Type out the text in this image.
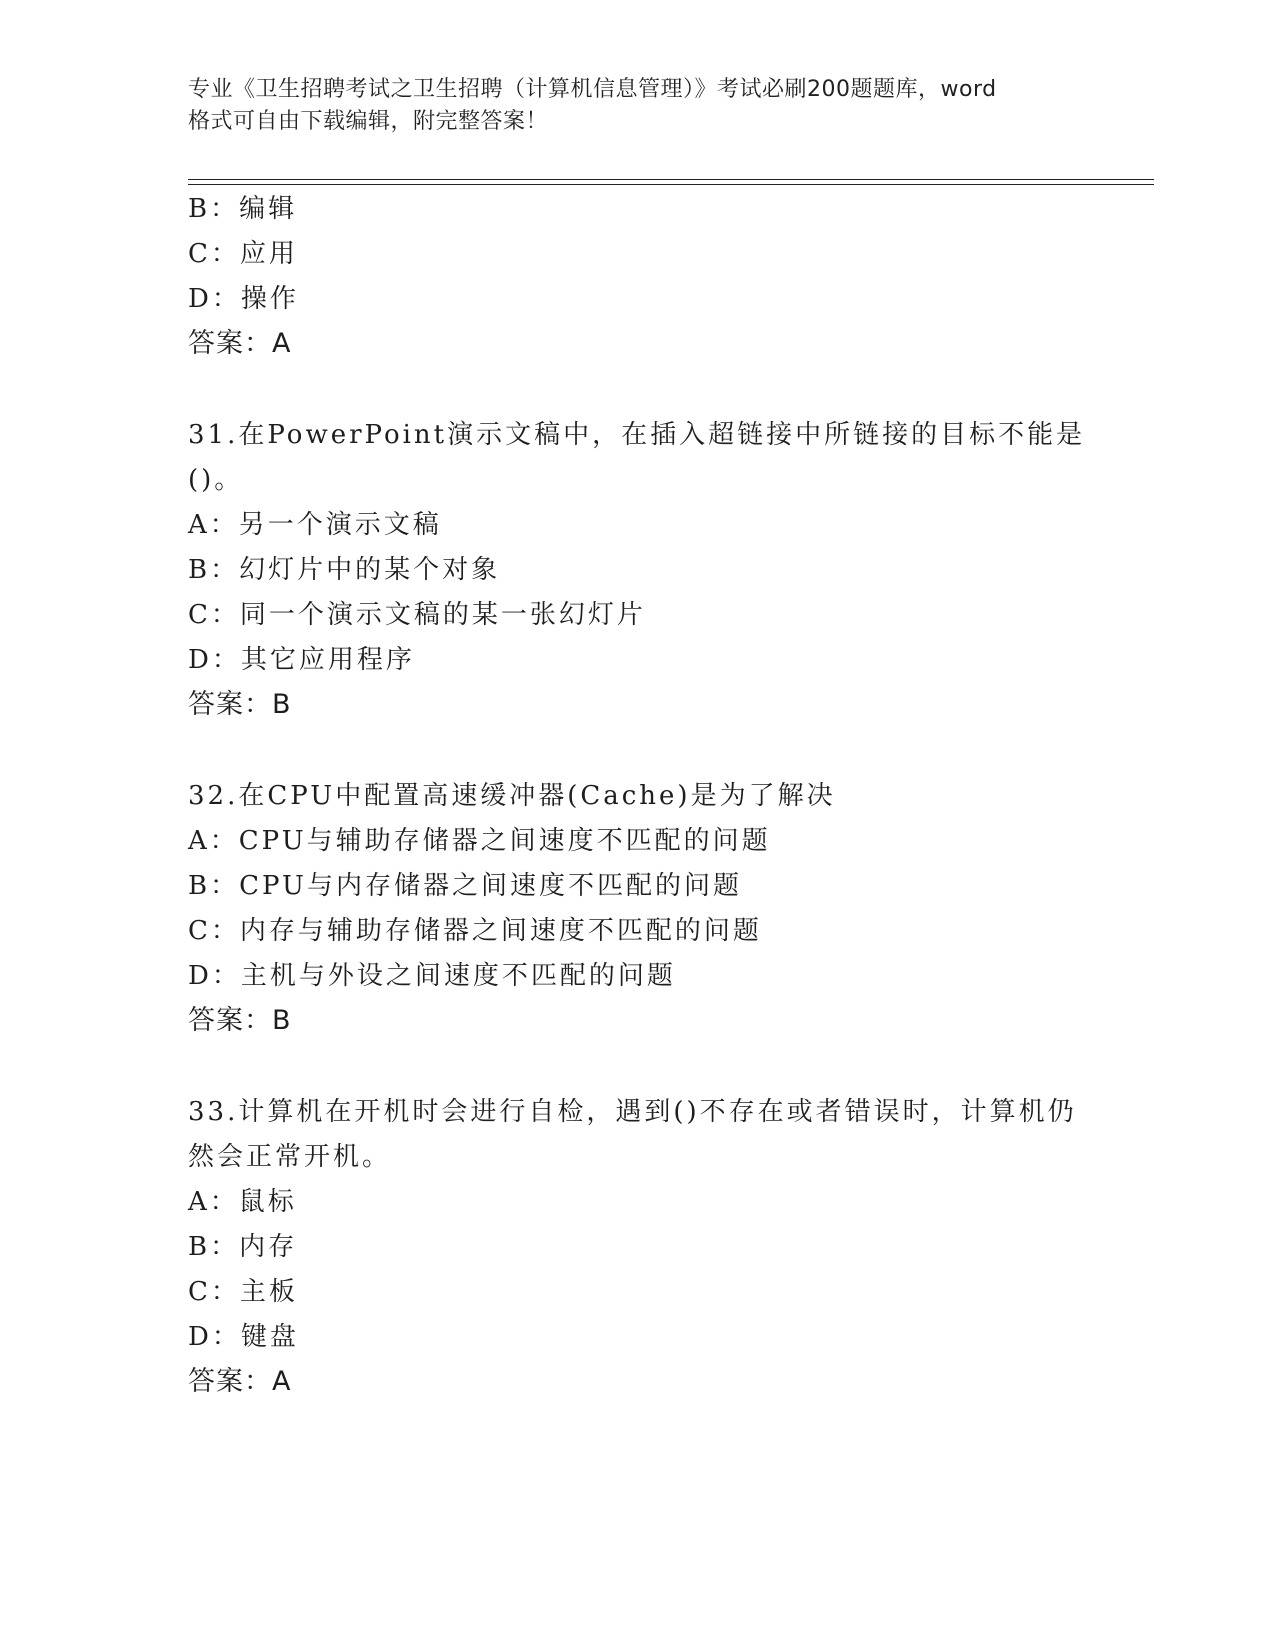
专业《卫生招聘考试之卫生招聘（计算机信息管理）》考试必刷200题题库，word
格式可自由下载编辑，附完整答案！
B：编辑
C：应用
D：操作
答案：A
31.在PowerPoint演示文稿中，在插入超链接中所链接的目标不能是
()。
A：另一个演示文稿
B：幻灯片中的某个对象
C：同一个演示文稿的某一张幻灯片
D：其它应用程序
答案：B
32.在CPU中配置高速缓冲器(Cache)是为了解决
A：CPU与辅助存储器之间速度不匹配的问题
B：CPU与内存储器之间速度不匹配的问题
C：内存与辅助存储器之间速度不匹配的问题
D：主机与外设之间速度不匹配的问题
答案：B
33.计算机在开机时会进行自检，遇到()不存在或者错误时，计算机仍
然会正常开机。
A：鼠标
B：内存
C：主板
D：键盘
答案：A
